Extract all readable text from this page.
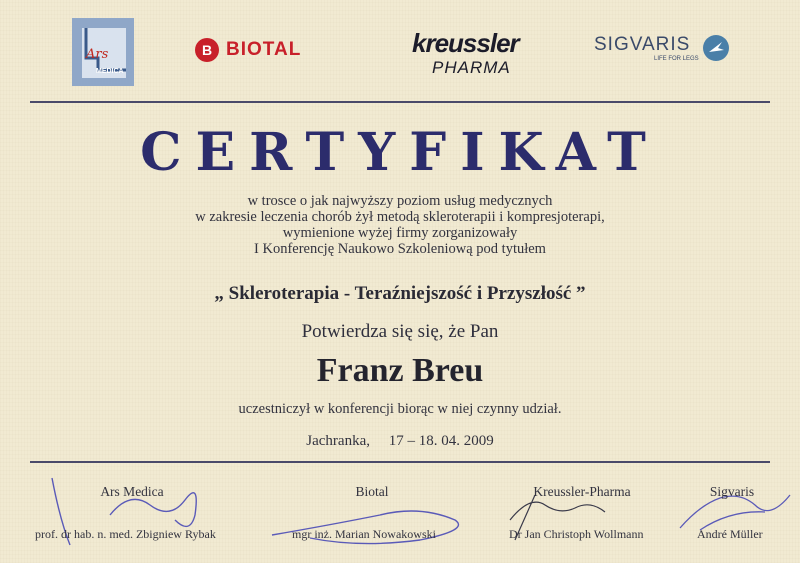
Ars
MEDICA
B BIOTAL	kreussler
PHARMA
SIGVARIS
LIFE FOR LEGS
CERTYFIKAT
w trosce o jak najwyższy poziom usług medycznych
w zakresie leczenia chorób żył metodą skleroterapii i kompresjoterapi,
wymienione wyżej firmy zorganizowały
I Konferencję Naukowo Szkoleniową pod tytułem
„ Skleroterapia - Teraźniejszość i Przyszłość ”
Potwierdza się się, że Pan
Franz Breu
uczestniczył w konferencji biorąc w niej czynny udział.
Jachranka,     17 – 18. 04. 2009
Ars Medica
prof. dr hab. n. med. Zbigniew Rybak
Biotal
mgr inż. Marian Nowakowski
Kreussler-Pharma
Dr Jan Christoph Wollmann
Sigvaris
André Müller
